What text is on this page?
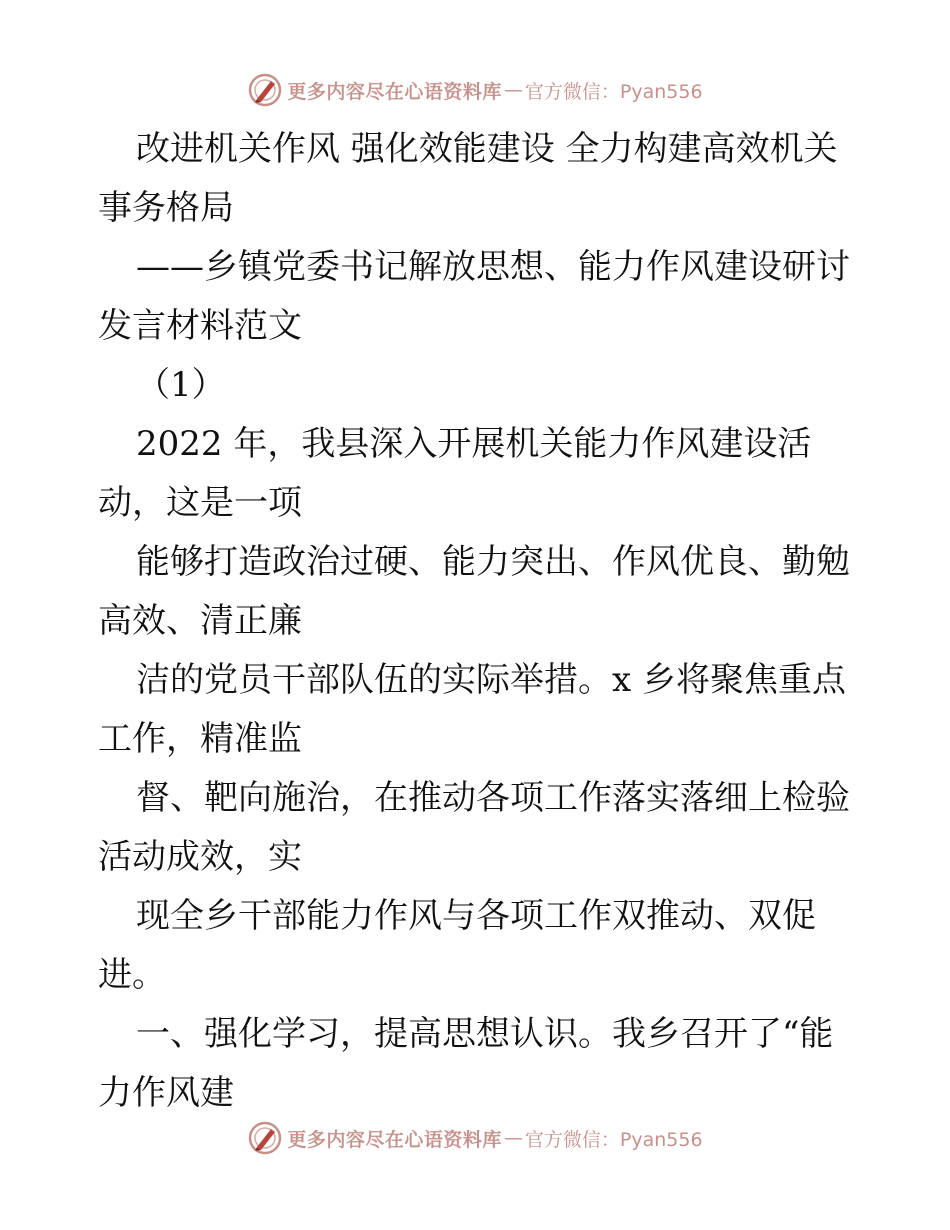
更多内容尽在心语资料库 — 官方微信：Pyan556
改进机关作风 强化效能建设 全力构建高效机关
事务格局
——乡镇党委书记解放思想、能力作风建设研讨
发言材料范文
（1）
2022 年，我县深入开展机关能力作风建设活
动，这是一项
能够打造政治过硬、能力突出、作风优良、勤勉
高效、清正廉
洁的党员干部队伍的实际举措。x 乡将聚焦重点
工作，精准监
督、靶向施治，在推动各项工作落实落细上检验
活动成效，实
现全乡干部能力作风与各项工作双推动、双促
进。
一、强化学习，提高思想认识。我乡召开了“能
力作风建
更多内容尽在心语资料库 — 官方微信：Pyan556
